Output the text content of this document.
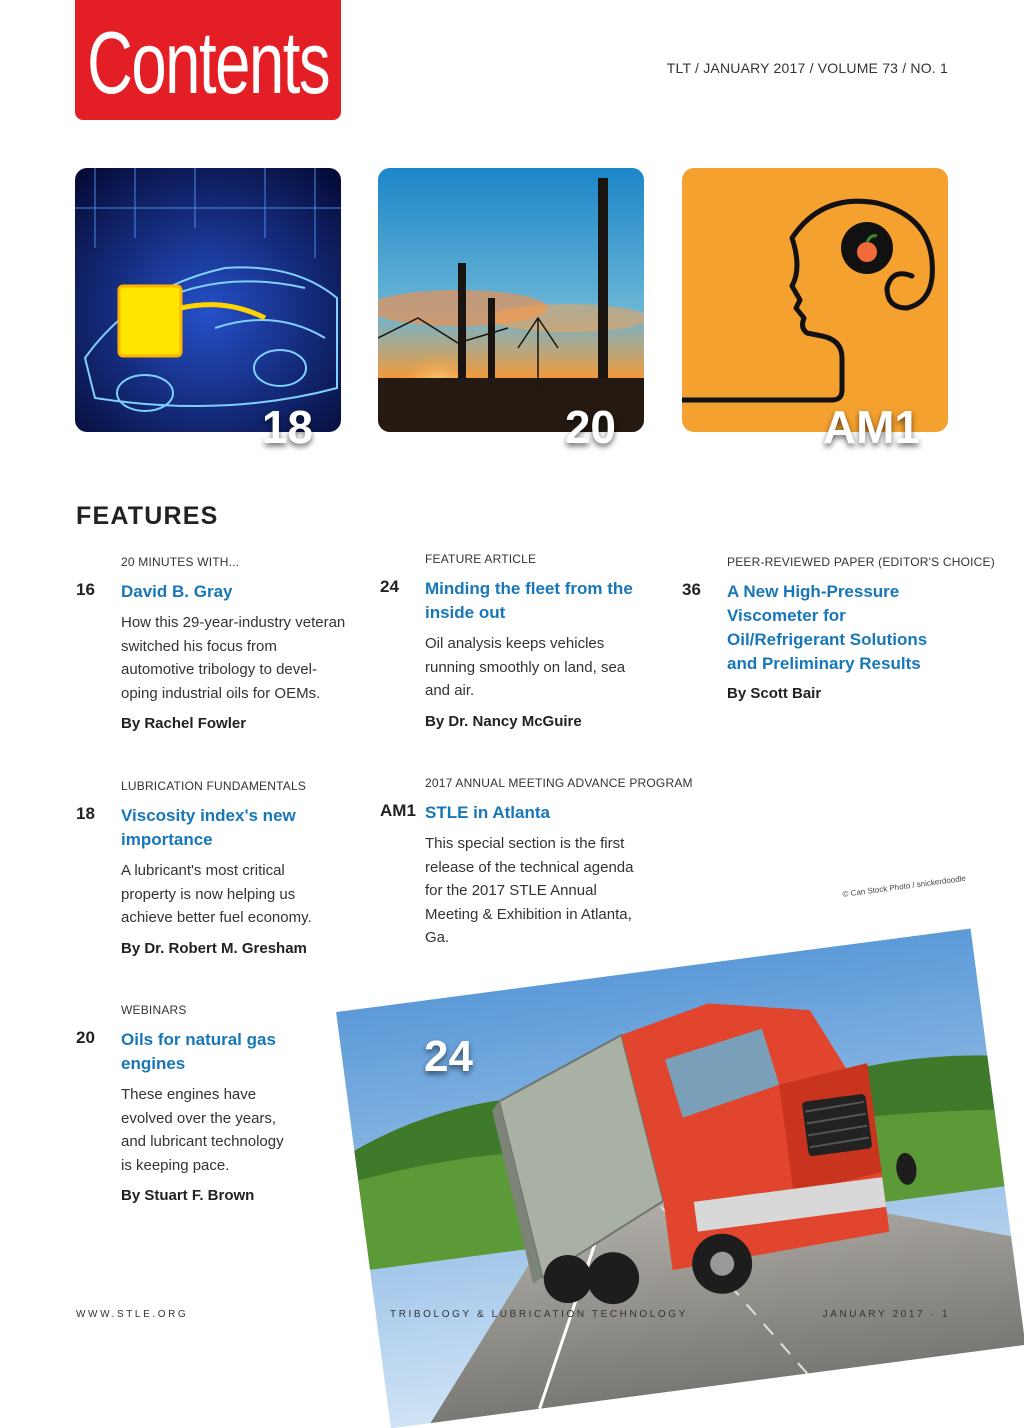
Contents	TLT / JANUARY 2017 / VOLUME 73 / NO. 1
18	20	AM1
FEATURES
20 MINUTES WITH...
16 David B. Gray
How this 29-year-industry veteran switched his focus from automotive tribology to devel-oping industrial oils for OEMs.
By Rachel Fowler
FEATURE ARTICLE
24 Minding the fleet from the inside out
Oil analysis keeps vehicles running smoothly on land, sea and air.
By Dr. Nancy McGuire
PEER-REVIEWED PAPER (EDITOR'S CHOICE)
36 A New High-Pressure Viscometer for Oil/Refrigerant Solutions and Preliminary Results
By Scott Bair
LUBRICATION FUNDAMENTALS
18 Viscosity index's new importance
A lubricant's most critical property is now helping us achieve better fuel economy.
By Dr. Robert M. Gresham
2017 ANNUAL MEETING ADVANCE PROGRAM
AM1 STLE in Atlanta
This special section is the first release of the technical agenda for the 2017 STLE Annual Meeting & Exhibition in Atlanta, Ga.
WEBINARS
20 Oils for natural gas engines
These engines have evolved over the years, and lubricant technology is keeping pace.
By Stuart F. Brown
24
© Can Stock Photo / snickerdoodle
WWW.STLE.ORG	TRIBOLOGY & LUBRICATION TECHNOLOGY	JANUARY 2017 · 1
